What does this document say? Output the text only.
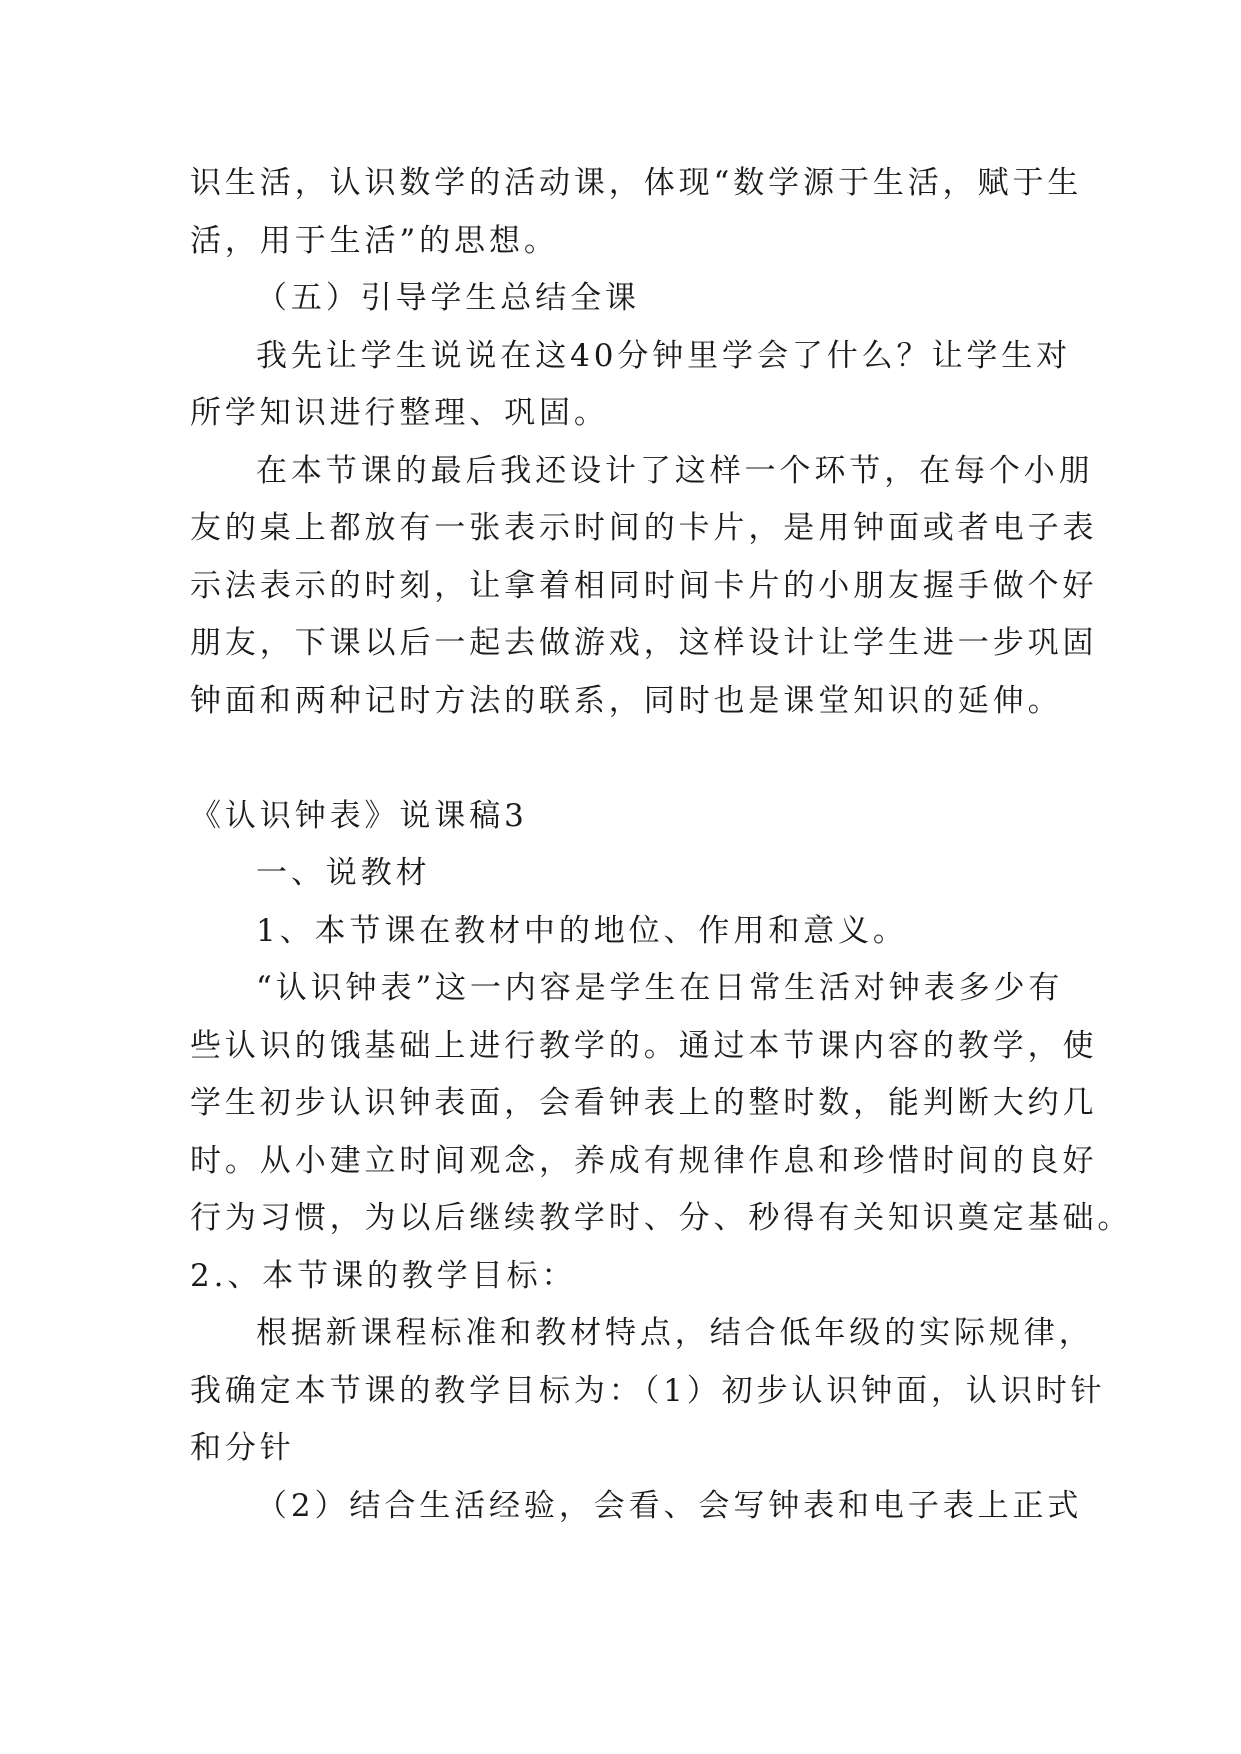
识生活，认识数学的活动课，体现“数学源于生活，赋于生
活，用于生活”的思想。
（五）引导学生总结全课
我先让学生说说在这40分钟里学会了什么？让学生对
所学知识进行整理、巩固。
在本节课的最后我还设计了这样一个环节，在每个小朋
友的桌上都放有一张表示时间的卡片，是用钟面或者电子表
示法表示的时刻，让拿着相同时间卡片的小朋友握手做个好
朋友，下课以后一起去做游戏，这样设计让学生进一步巩固
钟面和两种记时方法的联系，同时也是课堂知识的延伸。
《认识钟表》说课稿3
一、说教材
1、本节课在教材中的地位、作用和意义。
“认识钟表”这一内容是学生在日常生活对钟表多少有
些认识的饿基础上进行教学的。通过本节课内容的教学，使
学生初步认识钟表面，会看钟表上的整时数，能判断大约几
时。从小建立时间观念，养成有规律作息和珍惜时间的良好
行为习惯，为以后继续教学时、分、秒得有关知识奠定基础。
2.、本节课的教学目标：
根据新课程标准和教材特点，结合低年级的实际规律，
我确定本节课的教学目标为：（1）初步认识钟面，认识时针
和分针
（2）结合生活经验，会看、会写钟表和电子表上正式
